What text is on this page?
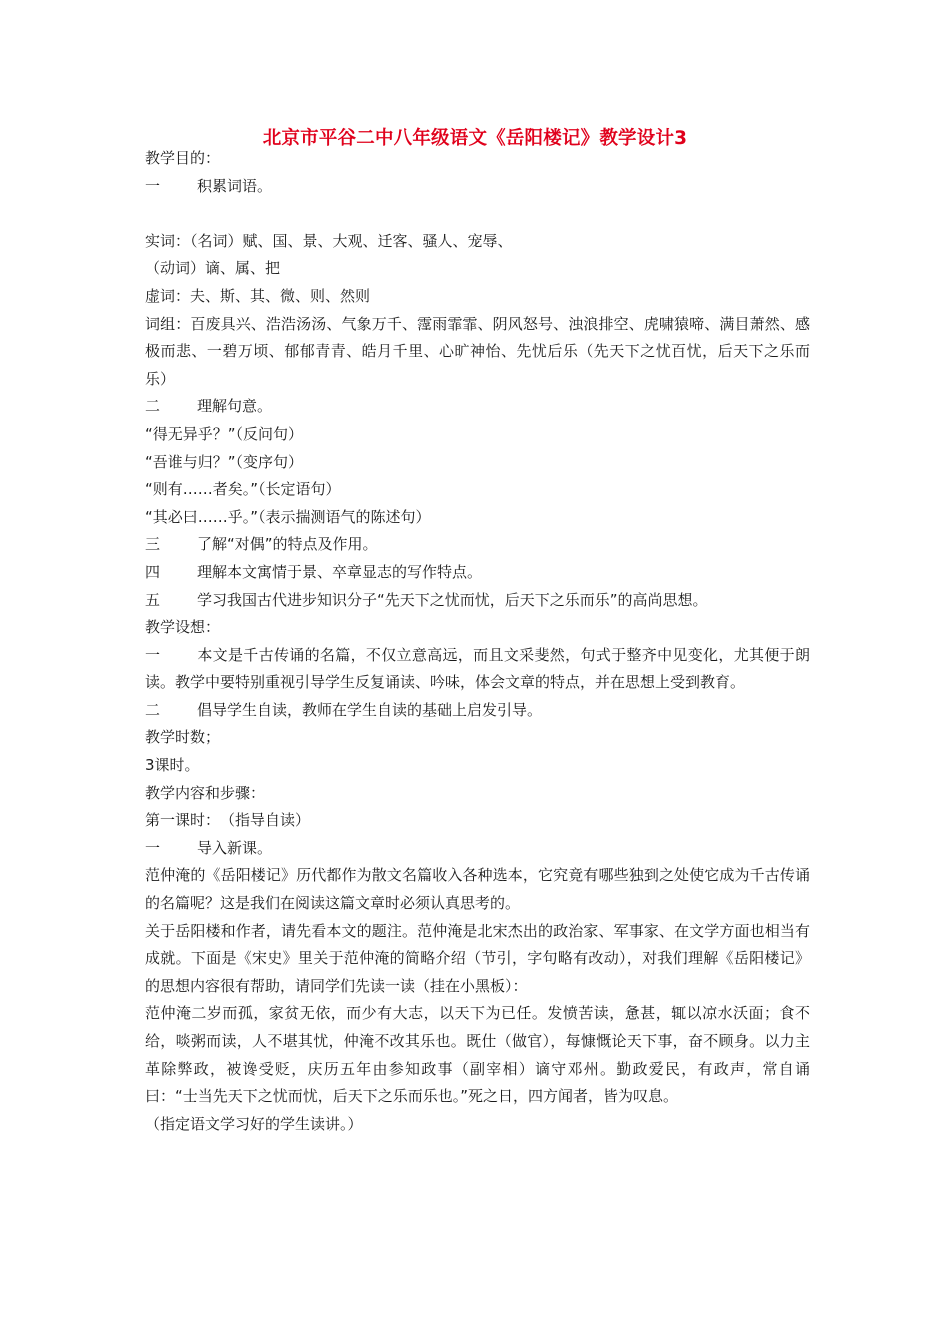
北京市平谷二中八年级语文《岳阳楼记》教学设计3
教学目的：
一 积累词语。
实词：（名词）赋、国、景、大观、迁客、骚人、宠辱、
（动词）谪、属、把
虚词：夫、斯、其、微、则、然则
词组：百废具兴、浩浩汤汤、气象万千、霪雨霏霏、阴风怒号、浊浪排空、虎啸猿啼、满目萧然、感极而悲、一碧万顷、郁郁青青、皓月千里、心旷神怡、先忧后乐（先天下之忧百忧，后天下之乐而乐）
二 理解句意。
“得无异乎？”（反问句）
“吾谁与归？”（变序句）
“则有……者矣。”（长定语句）
“其必曰……乎。”（表示揣测语气的陈述句）
三 了解“对偶”的特点及作用。
四 理解本文寓情于景、卒章显志的写作特点。
五 学习我国古代进步知识分子“先天下之忧而忧，后天下之乐而乐”的高尚思想。
教学设想：
一 本文是千古传诵的名篇，不仅立意高远，而且文采斐然，句式于整齐中见变化，尤其便于朗读。教学中要特别重视引导学生反复诵读、吟味，体会文章的特点，并在思想上受到教育。
二 倡导学生自读，教师在学生自读的基础上启发引导。
教学时数；
3课时。
教学内容和步骤：
第一课时：　（指导自读）
一 导入新课。
范仲淹的《岳阳楼记》历代都作为散文名篇收入各种选本，它究竟有哪些独到之处使它成为千古传诵的名篇呢？这是我们在阅读这篇文章时必须认真思考的。
关于岳阳楼和作者，请先看本文的题注。范仲淹是北宋杰出的政治家、军事家、在文学方面也相当有成就。下面是《宋史》里关于范仲淹的简略介绍（节引，字句略有改动），对我们理解《岳阳楼记》的思想内容很有帮助，请同学们先读一读（挂在小黑板）：
范仲淹二岁而孤，家贫无依，而少有大志，以天下为已任。发愤苦读，惫甚，辄以凉水沃面；食不给，啖粥而读，人不堪其忧，仲淹不改其乐也。既仕（做官），每慷慨论天下事，奋不顾身。以力主革除弊政，被谗受贬，庆历五年由参知政事（副宰相）谪守邓州。勤政爱民，有政声，常自诵曰：“士当先天下之忧而忧，后天下之乐而乐也。”死之日，四方闻者，皆为叹息。
（指定语文学习好的学生读讲。）
